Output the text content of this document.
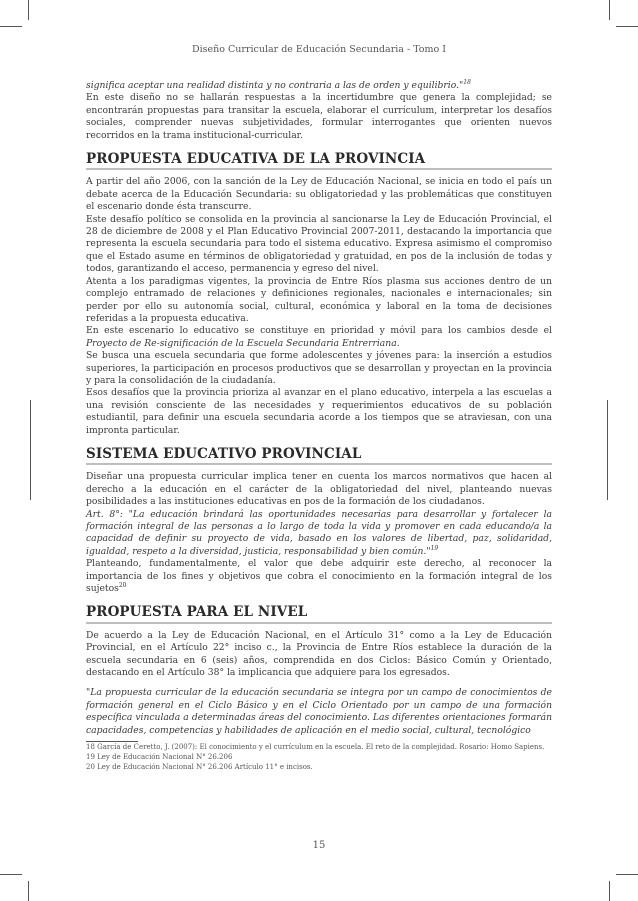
Diseño Curricular de Educación Secundaria - Tomo I

significa aceptar una realidad distinta y no contraria a las de orden y equilibrio."$^{18}$

En este diseño no se hallarán respuestas a la incertidumbre que genera la complejidad; se encontrarán propuestas para transitar la escuela, elaborar el currículum, interpretar los desafíos sociales, comprender nuevas subjetividades, formular interrogantes que orienten nuevos recorridos en la trama institucional-curricular.

PROPUESTA EDUCATIVA DE LA PROVINCIA

A partir del año 2006, con la sanción de la Ley de Educación Nacional, se inicia en todo el país un debate acerca de la Educación Secundaria: su obligatoriedad y las problemáticas que constituyen el escenario donde ésta transcurre.

Este desafío político se consolida en la provincia al sancionarse la Ley de Educación Provincial, el 28 de diciembre de 2008 y el Plan Educativo Provincial 2007-2011, destacando la importancia que representa la escuela secundaria para todo el sistema educativo. Expresa asimismo el compromiso que el Estado asume en términos de obligatoriedad y gratuidad, en pos de la inclusión de todas y todos, garantizando el acceso, permanencia y egreso del nivel.

Atenta a los paradigmas vigentes, la provincia de Entre Ríos plasma sus acciones dentro de un complejo entramado de relaciones y definiciones regionales, nacionales e internacionales; sin perder por ello su autonomía social, cultural, económica y laboral en la toma de decisiones referidas a la propuesta educativa.

En este escenario lo educativo se constituye en prioridad y móvil para los cambios desde el Proyecto de Re-significación de la Escuela Secundaria Entrerriana.

Se busca una escuela secundaria que forme adolescentes y jóvenes para: la inserción a estudios superiores, la participación en procesos productivos que se desarrollan y proyectan en la provincia y para la consolidación de la ciudadanía.

Esos desafíos que la provincia prioriza al avanzar en el plano educativo, interpela a las escuelas a una revisión consciente de las necesidades y requerimientos educativos de su población estudiantil, para definir una escuela secundaria acorde a los tiempos que se atraviesan, con una impronta particular.

SISTEMA EDUCATIVO PROVINCIAL

Diseñar una propuesta curricular implica tener en cuenta los marcos normativos que hacen al derecho a la educación en el carácter de la obligatoriedad del nivel, planteando nuevas posibilidades a las instituciones educativas en pos de la formación de los ciudadanos.

Art. 8°: "La educación brindará las oportunidades necesarias para desarrollar y fortalecer la formación integral de las personas a lo largo de toda la vida y promover en cada educando/a la capacidad de definir su proyecto de vida, basado en los valores de libertad, paz, solidaridad, igualdad, respeto a la diversidad, justicia, responsabilidad y bien común."$^{19}$

Planteando, fundamentalmente, el valor que debe adquirir este derecho, al reconocer la importancia de los fines y objetivos que cobra el conocimiento en la formación integral de los sujetos$^{20}$

PROPUESTA PARA EL NIVEL

De acuerdo a la Ley de Educación Nacional, en el Artículo 31° como a la Ley de Educación Provincial, en el Artículo 22° inciso c., la Provincia de Entre Ríos establece la duración de la escuela secundaria en 6 (seis) años, comprendida en dos Ciclos: Básico Común y Orientado, destacando en el Artículo 38° la implicancia que adquiere para los egresados.

"La propuesta curricular de la educación secundaria se integra por un campo de conocimientos de formación general en el Ciclo Básico y en el Ciclo Orientado por un campo de una formación específica vinculada a determinadas áreas del conocimiento. Las diferentes orientaciones formarán capacidades, competencias y habilidades de aplicación en el medio social, cultural, tecnológico

18 García de Ceretto, J. (2007): El conocimiento y el currículum en la escuela. El reto de la complejidad. Rosario: Homo Sapiens.

19 Ley de Educación Nacional N° 26.206

20 Ley de Educación Nacional N° 26.206 Artículo 11° e incisos.

15
